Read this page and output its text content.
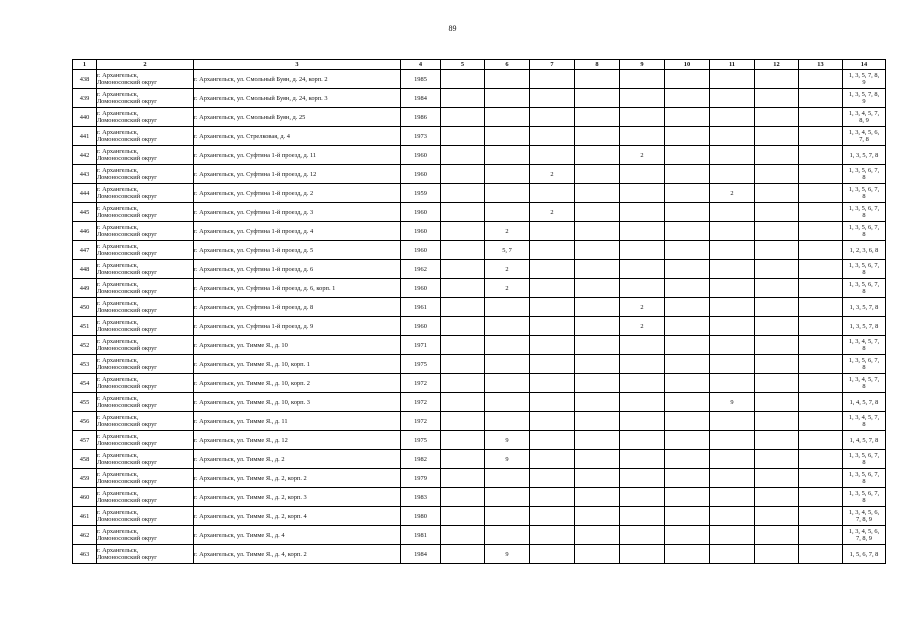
89
1	2	3	4	5	6	7	8	9	10	11	12	13	14
438	г. Архангельск,
Ломоносовский округ	г. Архангельск, ул. Смольный Буян, д. 24, корп. 2	1985										1, 3, 5, 7, 8,
9
439	г. Архангельск,
Ломоносовский округ	г. Архангельск, ул. Смольный Буян, д. 24, корп. 3	1984										1, 3, 5, 7, 8,
9
440	г. Архангельск,
Ломоносовский округ	г. Архангельск, ул. Смольный Буян, д. 25	1986										1, 3, 4, 5, 7,
8, 9
441	г. Архангельск,
Ломоносовский округ	г. Архангельск, ул. Стрелковая, д. 4	1973										1, 3, 4, 5, 6,
7, 8
442	г. Архангельск,
Ломоносовский округ	г. Архангельск, ул. Суфтина 1-й проезд, д. 11	1960					2					1, 3, 5, 7, 8
443	г. Архангельск,
Ломоносовский округ	г. Архангельск, ул. Суфтина 1-й проезд, д. 12	1960			2							1, 3, 5, 6, 7,
8
444	г. Архангельск,
Ломоносовский округ	г. Архангельск, ул. Суфтина 1-й проезд, д. 2	1959							2			1, 3, 5, 6, 7,
8
445	г. Архангельск,
Ломоносовский округ	г. Архангельск, ул. Суфтина 1-й проезд, д. 3	1960			2							1, 3, 5, 6, 7,
8
446	г. Архангельск,
Ломоносовский округ	г. Архангельск, ул. Суфтина 1-й проезд, д. 4	1960		2								1, 3, 5, 6, 7,
8
447	г. Архангельск,
Ломоносовский округ	г. Архангельск, ул. Суфтина 1-й проезд, д. 5	1960		5, 7								1, 2, 3, 6, 8
448	г. Архангельск,
Ломоносовский округ	г. Архангельск, ул. Суфтина 1-й проезд, д. 6	1962		2								1, 3, 5, 6, 7,
8
449	г. Архангельск,
Ломоносовский округ	г. Архангельск, ул. Суфтина 1-й проезд, д. 6, корп. 1	1960		2								1, 3, 5, 6, 7,
8
450	г. Архангельск,
Ломоносовский округ	г. Архангельск, ул. Суфтина 1-й проезд, д. 8	1961					2					1, 3, 5, 7, 8
451	г. Архангельск,
Ломоносовский округ	г. Архангельск, ул. Суфтина 1-й проезд, д. 9	1960					2					1, 3, 5, 7, 8
452	г. Архангельск,
Ломоносовский округ	г. Архангельск, ул. Тимме Я., д. 10	1971										1, 3, 4, 5, 7,
8
453	г. Архангельск,
Ломоносовский округ	г. Архангельск, ул. Тимме Я., д. 10, корп. 1	1975										1, 3, 5, 6, 7,
8
454	г. Архангельск,
Ломоносовский округ	г. Архангельск, ул. Тимме Я., д. 10, корп. 2	1972										1, 3, 4, 5, 7,
8
455	г. Архангельск,
Ломоносовский округ	г. Архангельск, ул. Тимме Я., д. 10, корп. 3	1972							9			1, 4, 5, 7, 8
456	г. Архангельск,
Ломоносовский округ	г. Архангельск, ул. Тимме Я., д. 11	1972										1, 3, 4, 5, 7,
8
457	г. Архангельск,
Ломоносовский округ	г. Архангельск, ул. Тимме Я., д. 12	1975		9								1, 4, 5, 7, 8
458	г. Архангельск,
Ломоносовский округ	г. Архангельск, ул. Тимме Я., д. 2	1982		9								1, 3, 5, 6, 7,
8
459	г. Архангельск,
Ломоносовский округ	г. Архангельск, ул. Тимме Я., д. 2, корп. 2	1979										1, 3, 5, 6, 7,
8
460	г. Архангельск,
Ломоносовский округ	г. Архангельск, ул. Тимме Я., д. 2, корп. 3	1983										1, 3, 5, 6, 7,
8
461	г. Архангельск,
Ломоносовский округ	г. Архангельск, ул. Тимме Я., д. 2, корп. 4	1980										1, 3, 4, 5, 6,
7, 8, 9
462	г. Архангельск,
Ломоносовский округ	г. Архангельск, ул. Тимме Я., д. 4	1981										1, 3, 4, 5, 6,
7, 8, 9
463	г. Архангельск,
Ломоносовский округ	г. Архангельск, ул. Тимме Я., д. 4, корп. 2	1984		9								1, 5, 6, 7, 8
